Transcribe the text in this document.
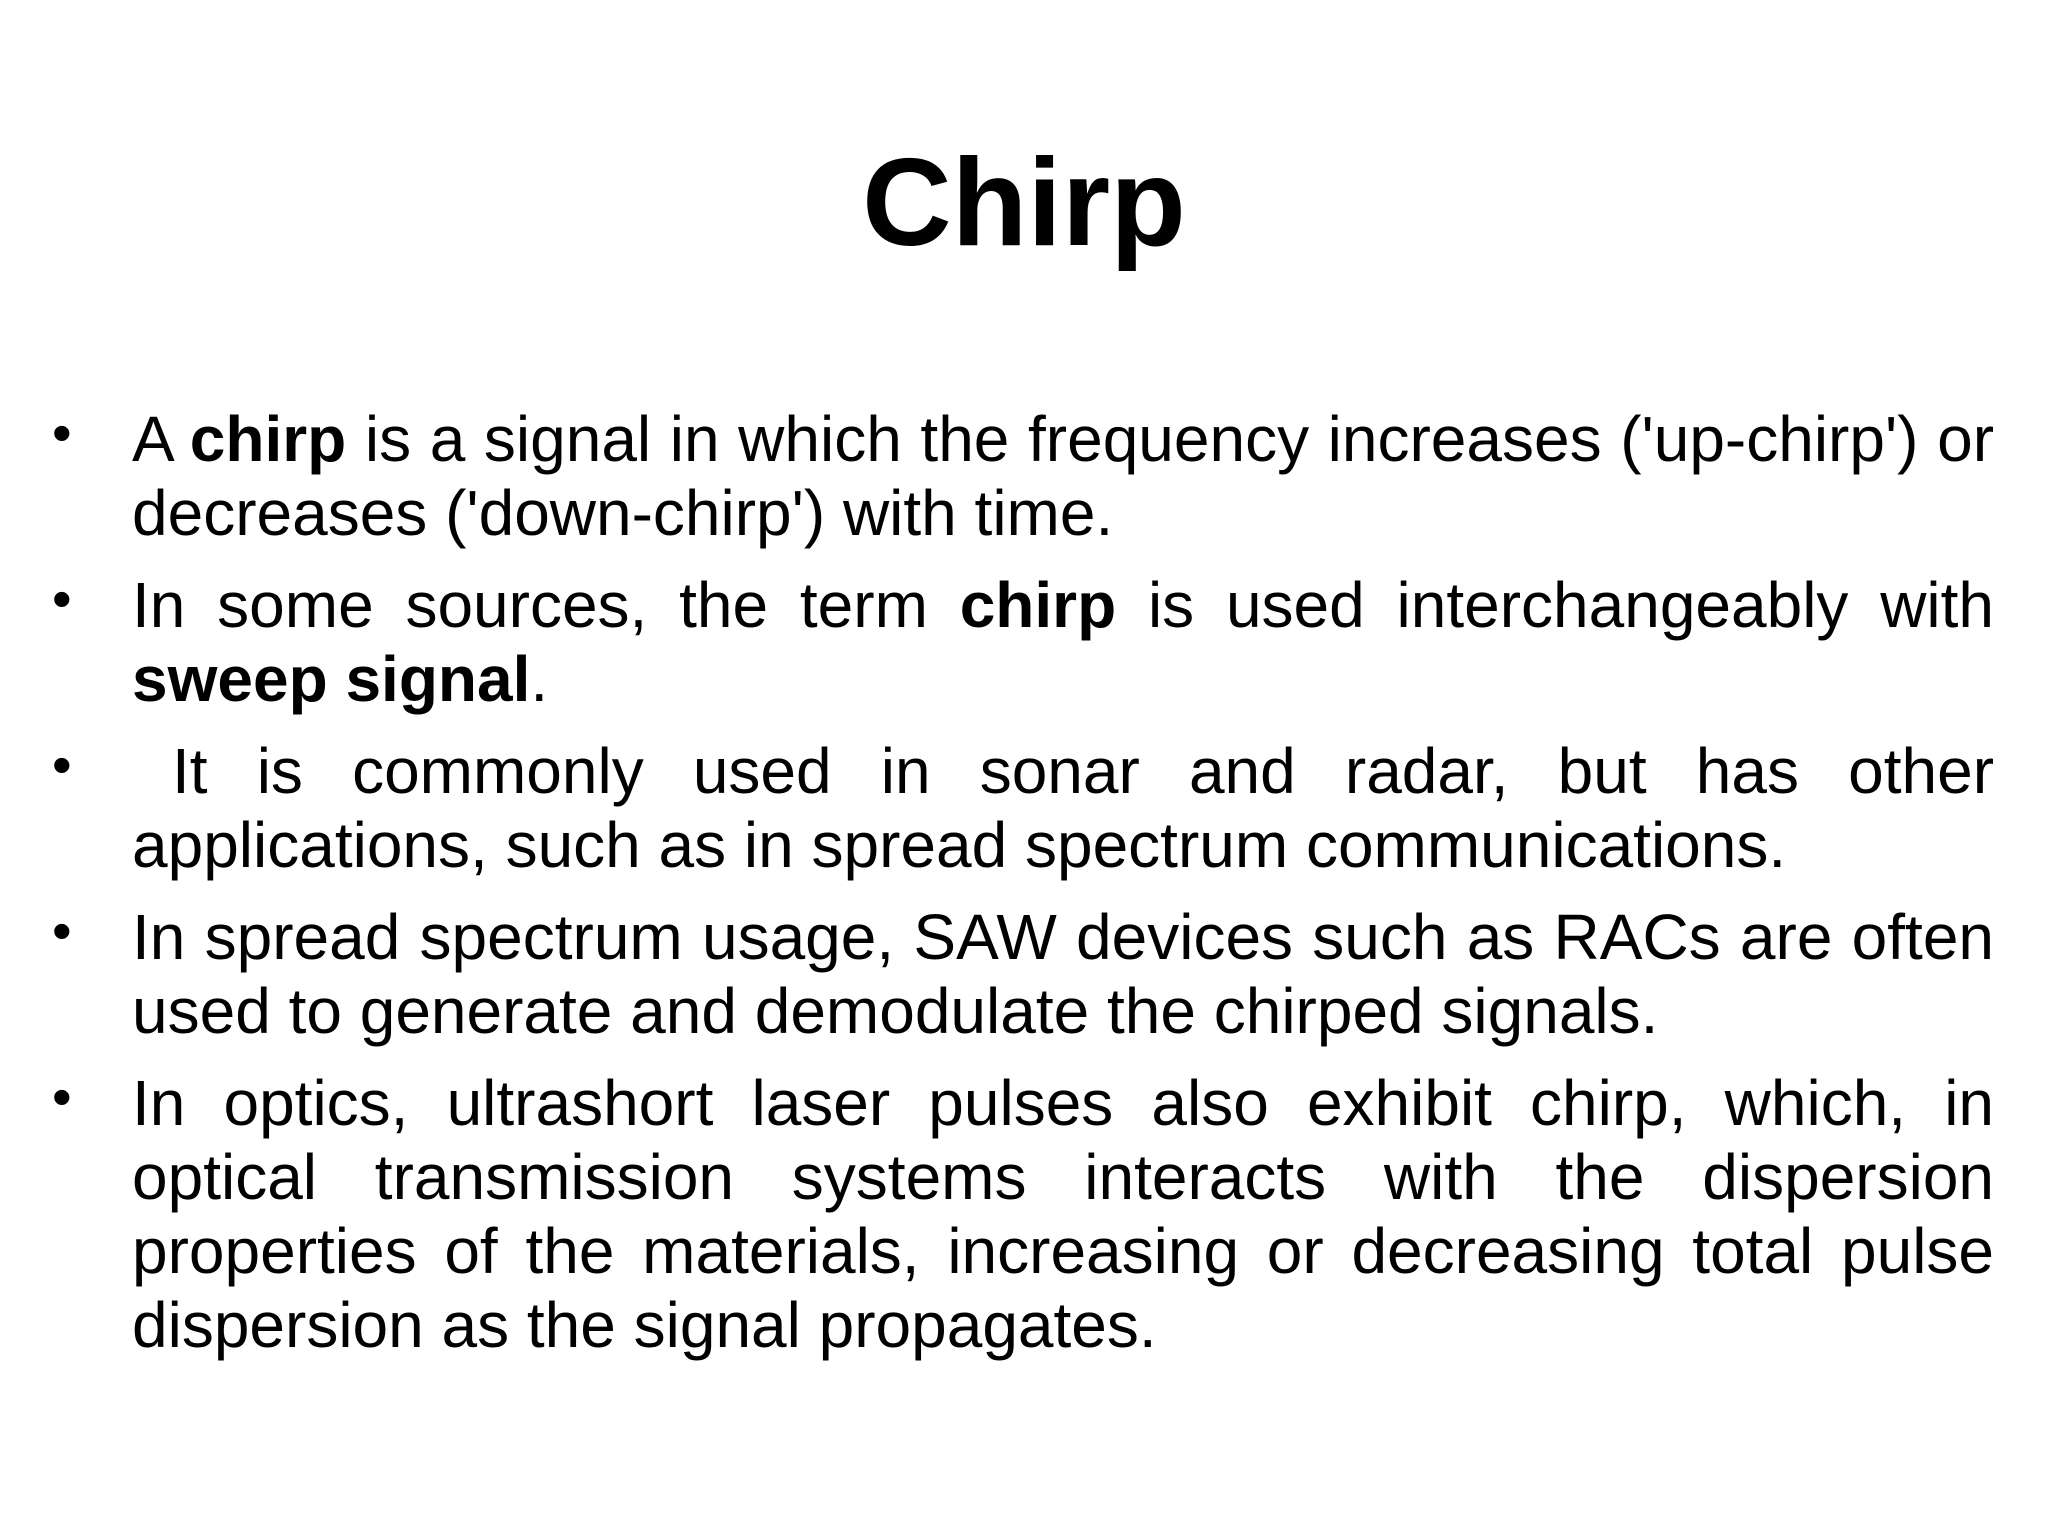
Chirp
• A chirp is a signal in which the frequency increases ('up-chirp') or decreases ('down-chirp') with time.
• In some sources, the term chirp is used interchangeably with sweep signal.
• It is commonly used in sonar and radar, but has other applications, such as in spread spectrum communications.
• In spread spectrum usage, SAW devices such as RACs are often used to generate and demodulate the chirped signals.
• In optics, ultrashort laser pulses also exhibit chirp, which, in optical transmission systems interacts with the dispersion properties of the materials, increasing or decreasing total pulse dispersion as the signal propagates.
